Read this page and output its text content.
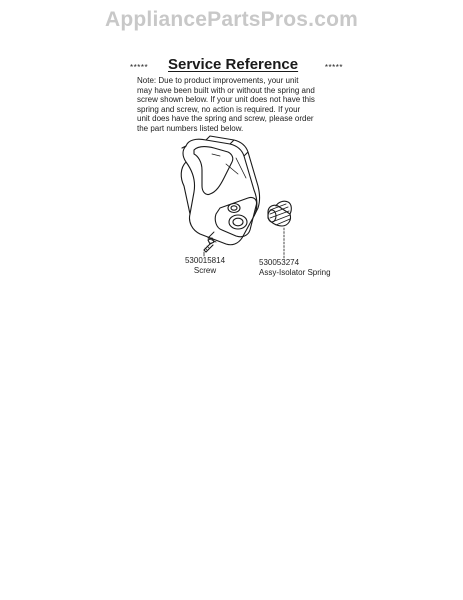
AppliancePartsPros.com
***** Service Reference	*****
Note: Due to product improvements, your unit
may have been built with or without the spring and
screw shown below. If your unit does not have this
spring and screw, no action is required. If your
unit does have the spring and screw, please order
the part numbers listed below.
530015814
Screw
530053274
Assy-Isolator Spring
